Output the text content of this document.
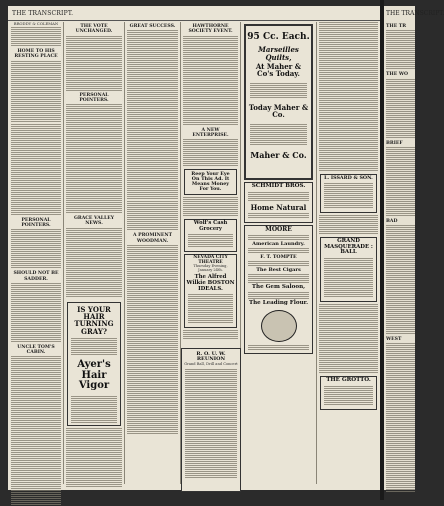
THE TRANSCRIPT.
BRODDY & COLEMAN
HOME TO HIS RESTING PLACE
PERSONAL POINTERS.
SHOULD NOT BE SADDER.
UNCLE TOM'S CABIN.
THE VOTE UNCHANGED.
PERSONAL POINTERS.
GRACE VALLEY NEWS.
IS YOUR HAIR TURNING GRAY?
Ayer's Hair Vigor
GREAT SUCCESS.
A PROMINENT WOODMAN.
HAWTHORNE SOCIETY EVENT.
A NEW ENTERPRISE.
Reep Your Eye On This Ad. It Means Money For You.
Wolf's Cash Grocery
NEVADA CITY THEATRE
Thursday Evening, January 24th.
The Alfred Wilkie BOSTON IDEALS.
R. O. U. W. REUNION
Grand Ball, Drill and Concert
95 Cc. Each.
Marseilles Quilts,
At Maher & Co's Today.
Today Maher & Co.
Maher & Co.
SCHMIDT BROS.
Home Natural
MOORE
American Laundry.
F. T. TOMPTE
The Best Cigars
The Gem Saloon,
The Leading Flour.
L. ISSARD & SON.
GRAND MASQUERADE : BALL
THE GROTTO.
THE TRANSCRIPT.
THE TR
THE WO
BRIEF
BAD
WEST
